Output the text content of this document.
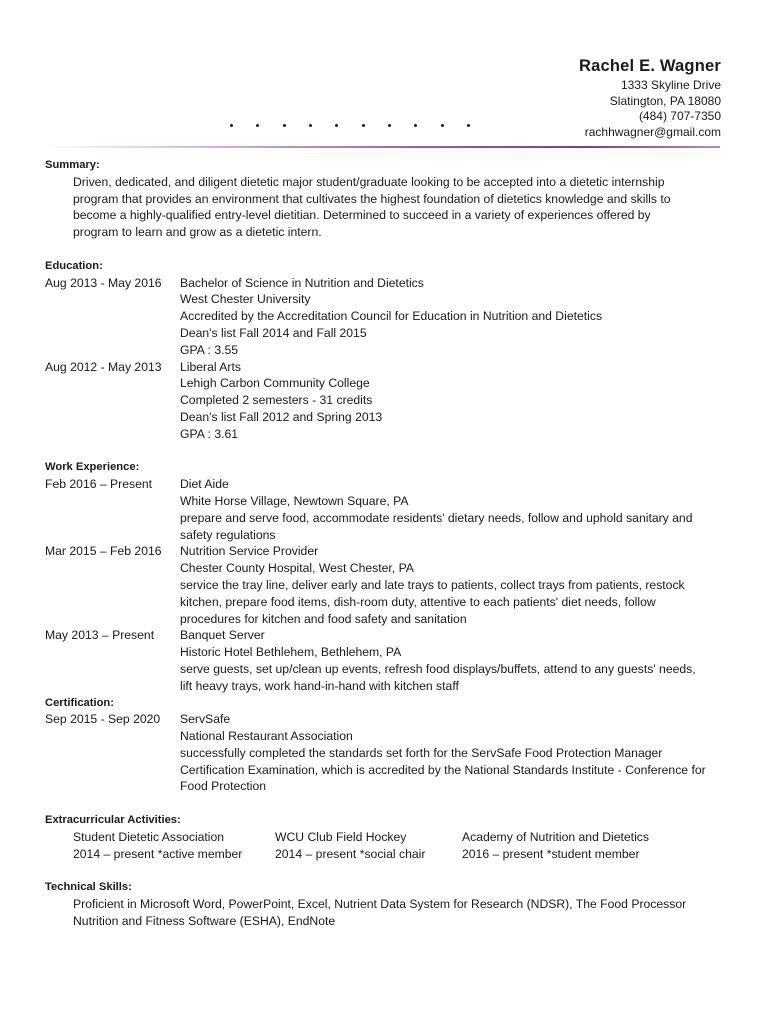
Rachel E. Wagner
1333 Skyline Drive
Slatington, PA 18080
(484) 707-7350
rachhwagner@gmail.com
Summary:
Driven, dedicated, and diligent dietetic major student/graduate looking to be accepted into a dietetic internship
program that provides an environment that cultivates the highest foundation of dietetics knowledge and skills to
become a highly-qualified entry-level dietitian. Determined to succeed in a variety of experiences offered by
program to learn and grow as a dietetic intern.
Education:
Aug 2013 - May 2016	Bachelor of Science in Nutrition and Dietetics
West Chester University
Accredited by the Accreditation Council for Education in Nutrition and Dietetics
Dean's list Fall 2014 and Fall 2015
GPA : 3.55
Aug 2012 - May 2013	Liberal Arts
Lehigh Carbon Community College
Completed 2 semesters - 31 credits
Dean's list Fall 2012 and Spring 2013
GPA : 3.61
Work Experience:
Feb 2016 – Present	Diet Aide
White Horse Village, Newtown Square, PA
prepare and serve food, accommodate residents' dietary needs, follow and uphold sanitary and
safety regulations
Mar 2015 – Feb 2016	Nutrition Service Provider
Chester County Hospital, West Chester, PA
service the tray line, deliver early and late trays to patients, collect trays from patients, restock
kitchen, prepare food items, dish-room duty, attentive to each patients' diet needs, follow
procedures for kitchen and food safety and sanitation
May 2013 – Present	Banquet Server
Historic Hotel Bethlehem, Bethlehem, PA
serve guests, set up/clean up events, refresh food displays/buffets, attend to any guests' needs,
lift heavy trays, work hand-in-hand with kitchen staff
Certification:
Sep 2015 - Sep 2020	ServSafe
National Restaurant Association
successfully completed the standards set forth for the ServSafe Food Protection Manager
Certification Examination, which is accredited by the National Standards Institute - Conference for
Food Protection
Extracurricular Activities:
Student Dietetic Association	WCU Club Field Hockey	Academy of Nutrition and Dietetics
2014 – present *active member	2014 – present *social chair	2016 – present *student member
Technical Skills:
Proficient in Microsoft Word, PowerPoint, Excel, Nutrient Data System for Research (NDSR), The Food Processor
Nutrition and Fitness Software (ESHA), EndNote
